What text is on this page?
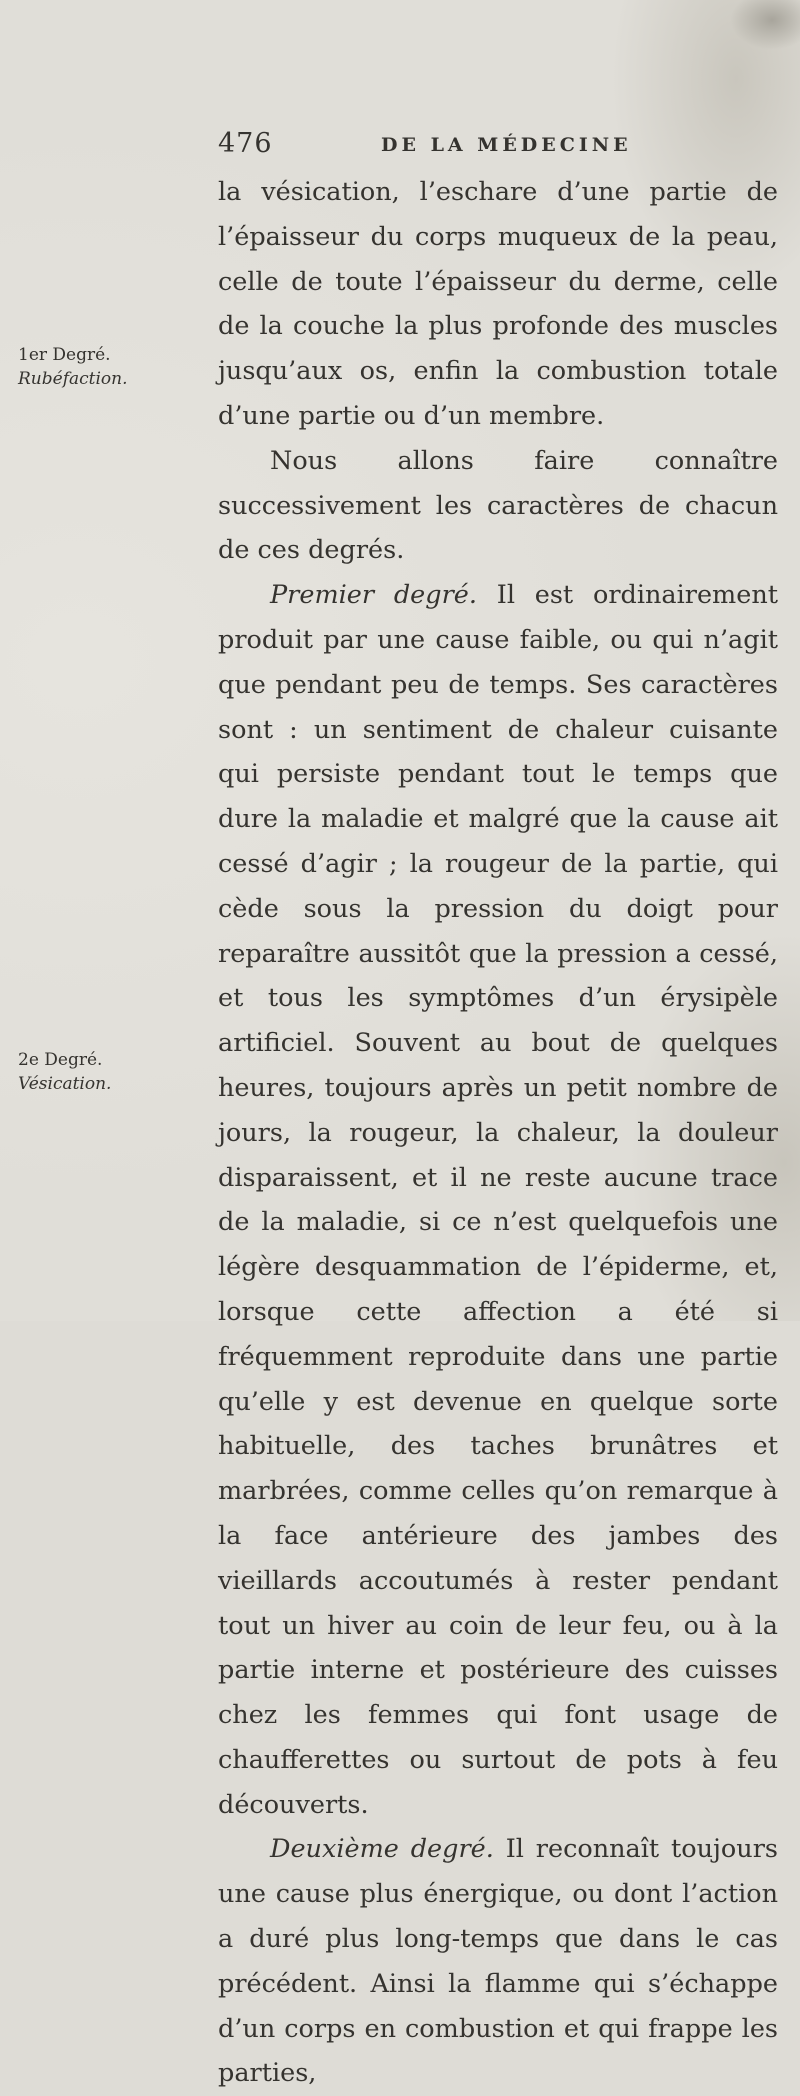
476	DE LA MÉDECINE
1er Degré.
Rubéfaction.
2e Degré.
Vésication.

la vésication, l’eschare d’une partie de l’épaisseur du corps muqueux de la peau, celle de toute l’épaisseur du derme, celle de la couche la plus profonde des muscles jusqu’aux os, enfin la combustion totale d’une partie ou d’un membre.

Nous allons faire connaître successivement les caractères de chacun de ces degrés.

Premier degré. Il est ordinairement produit par une cause faible, ou qui n’agit que pendant peu de temps. Ses caractères sont : un sentiment de chaleur cuisante qui persiste pendant tout le temps que dure la maladie et malgré que la cause ait cessé d’agir ; la rougeur de la partie, qui cède sous la pression du doigt pour reparaître aussitôt que la pression a cessé, et tous les symptômes d’un érysipèle artificiel. Souvent au bout de quelques heures, toujours après un petit nombre de jours, la rougeur, la chaleur, la douleur disparaissent, et il ne reste aucune trace de la maladie, si ce n’est quelquefois une légère desquammation de l’épiderme, et, lorsque cette affection a été si fréquemment reproduite dans une partie qu’elle y est devenue en quelque sorte habituelle, des taches brunâtres et marbrées, comme celles qu’on remarque à la face antérieure des jambes des vieillards accoutumés à rester pendant tout un hiver au coin de leur feu, ou à la partie interne et postérieure des cuisses chez les femmes qui font usage de chaufferettes ou surtout de pots à feu découverts.

Deuxième degré. Il reconnaît toujours une cause plus énergique, ou dont l’action a duré plus long-temps que dans le cas précédent. Ainsi la flamme qui s’échappe d’un corps en combustion et qui frappe les parties,
